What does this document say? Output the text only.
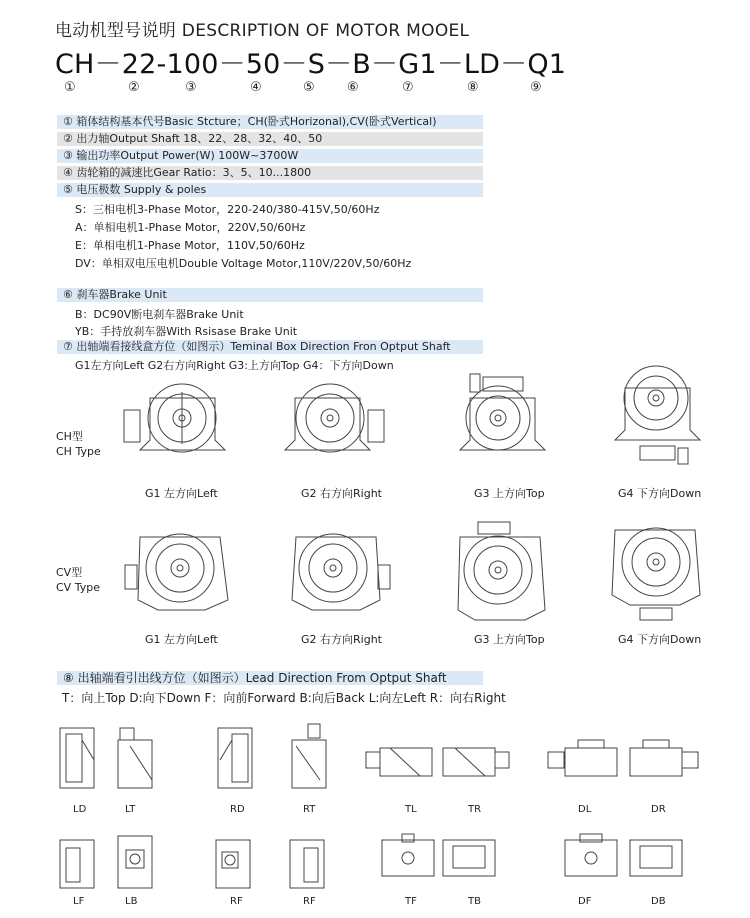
电动机型号说明 DESCRIPTION OF MOTOR MOOEL
CH－22-100－50－S－B－G1－LD－Q1
①	②	③	④	⑤ ⑥	⑦	⑧	⑨
① 箱体结构基本代号Basic Stcture；CH(卧式Horizonal),CV(卧式Vertical)
② 出力轴Output Shaft 18、22、28、32、40、50
③ 输出功率Output Power(W) 100W~3700W
④ 齿轮箱的减速比Gear Ratio：3、5、10...1800
⑤ 电压极数 Supply & poles
S：三相电机3-Phase Motor，220-240/380-415V,50/60Hz
A：单相电机1-Phase Motor，220V,50/60Hz
E：单相电机1-Phase Motor，110V,50/60Hz
DV：单相双电压电机Double Voltage Motor,110V/220V,50/60Hz
⑥ 刹车器Brake Unit
B：DC90V断电刹车器Brake Unit
YB：手持放刹车器With Rsisase Brake Unit
⑦ 出轴端看接线盒方位（如图示）Teminal Box Direction Fron Optput Shaft
G1左方向Left G2右方向Right G3:上方向Top G4：下方向Down
CH型
CH Type
CV型
CV Type
G1 左方向Left	G2 右方向Right	G3 上方向Top	G4 下方向Down
G1 左方向Left	G2 右方向Right	G3 上方向Top	G4 下方向Down
⑧ 出轴端看引出线方位（如图示）Lead Direction From Optput Shaft
T：向上Top D:向下Down F：向前Forward B:向后Back L:向左Left R：向右Right
LD	LT	RD	RT	TL	TR	DL	DR
LF	LB	RF	RF	TF	TB	DF	DB
